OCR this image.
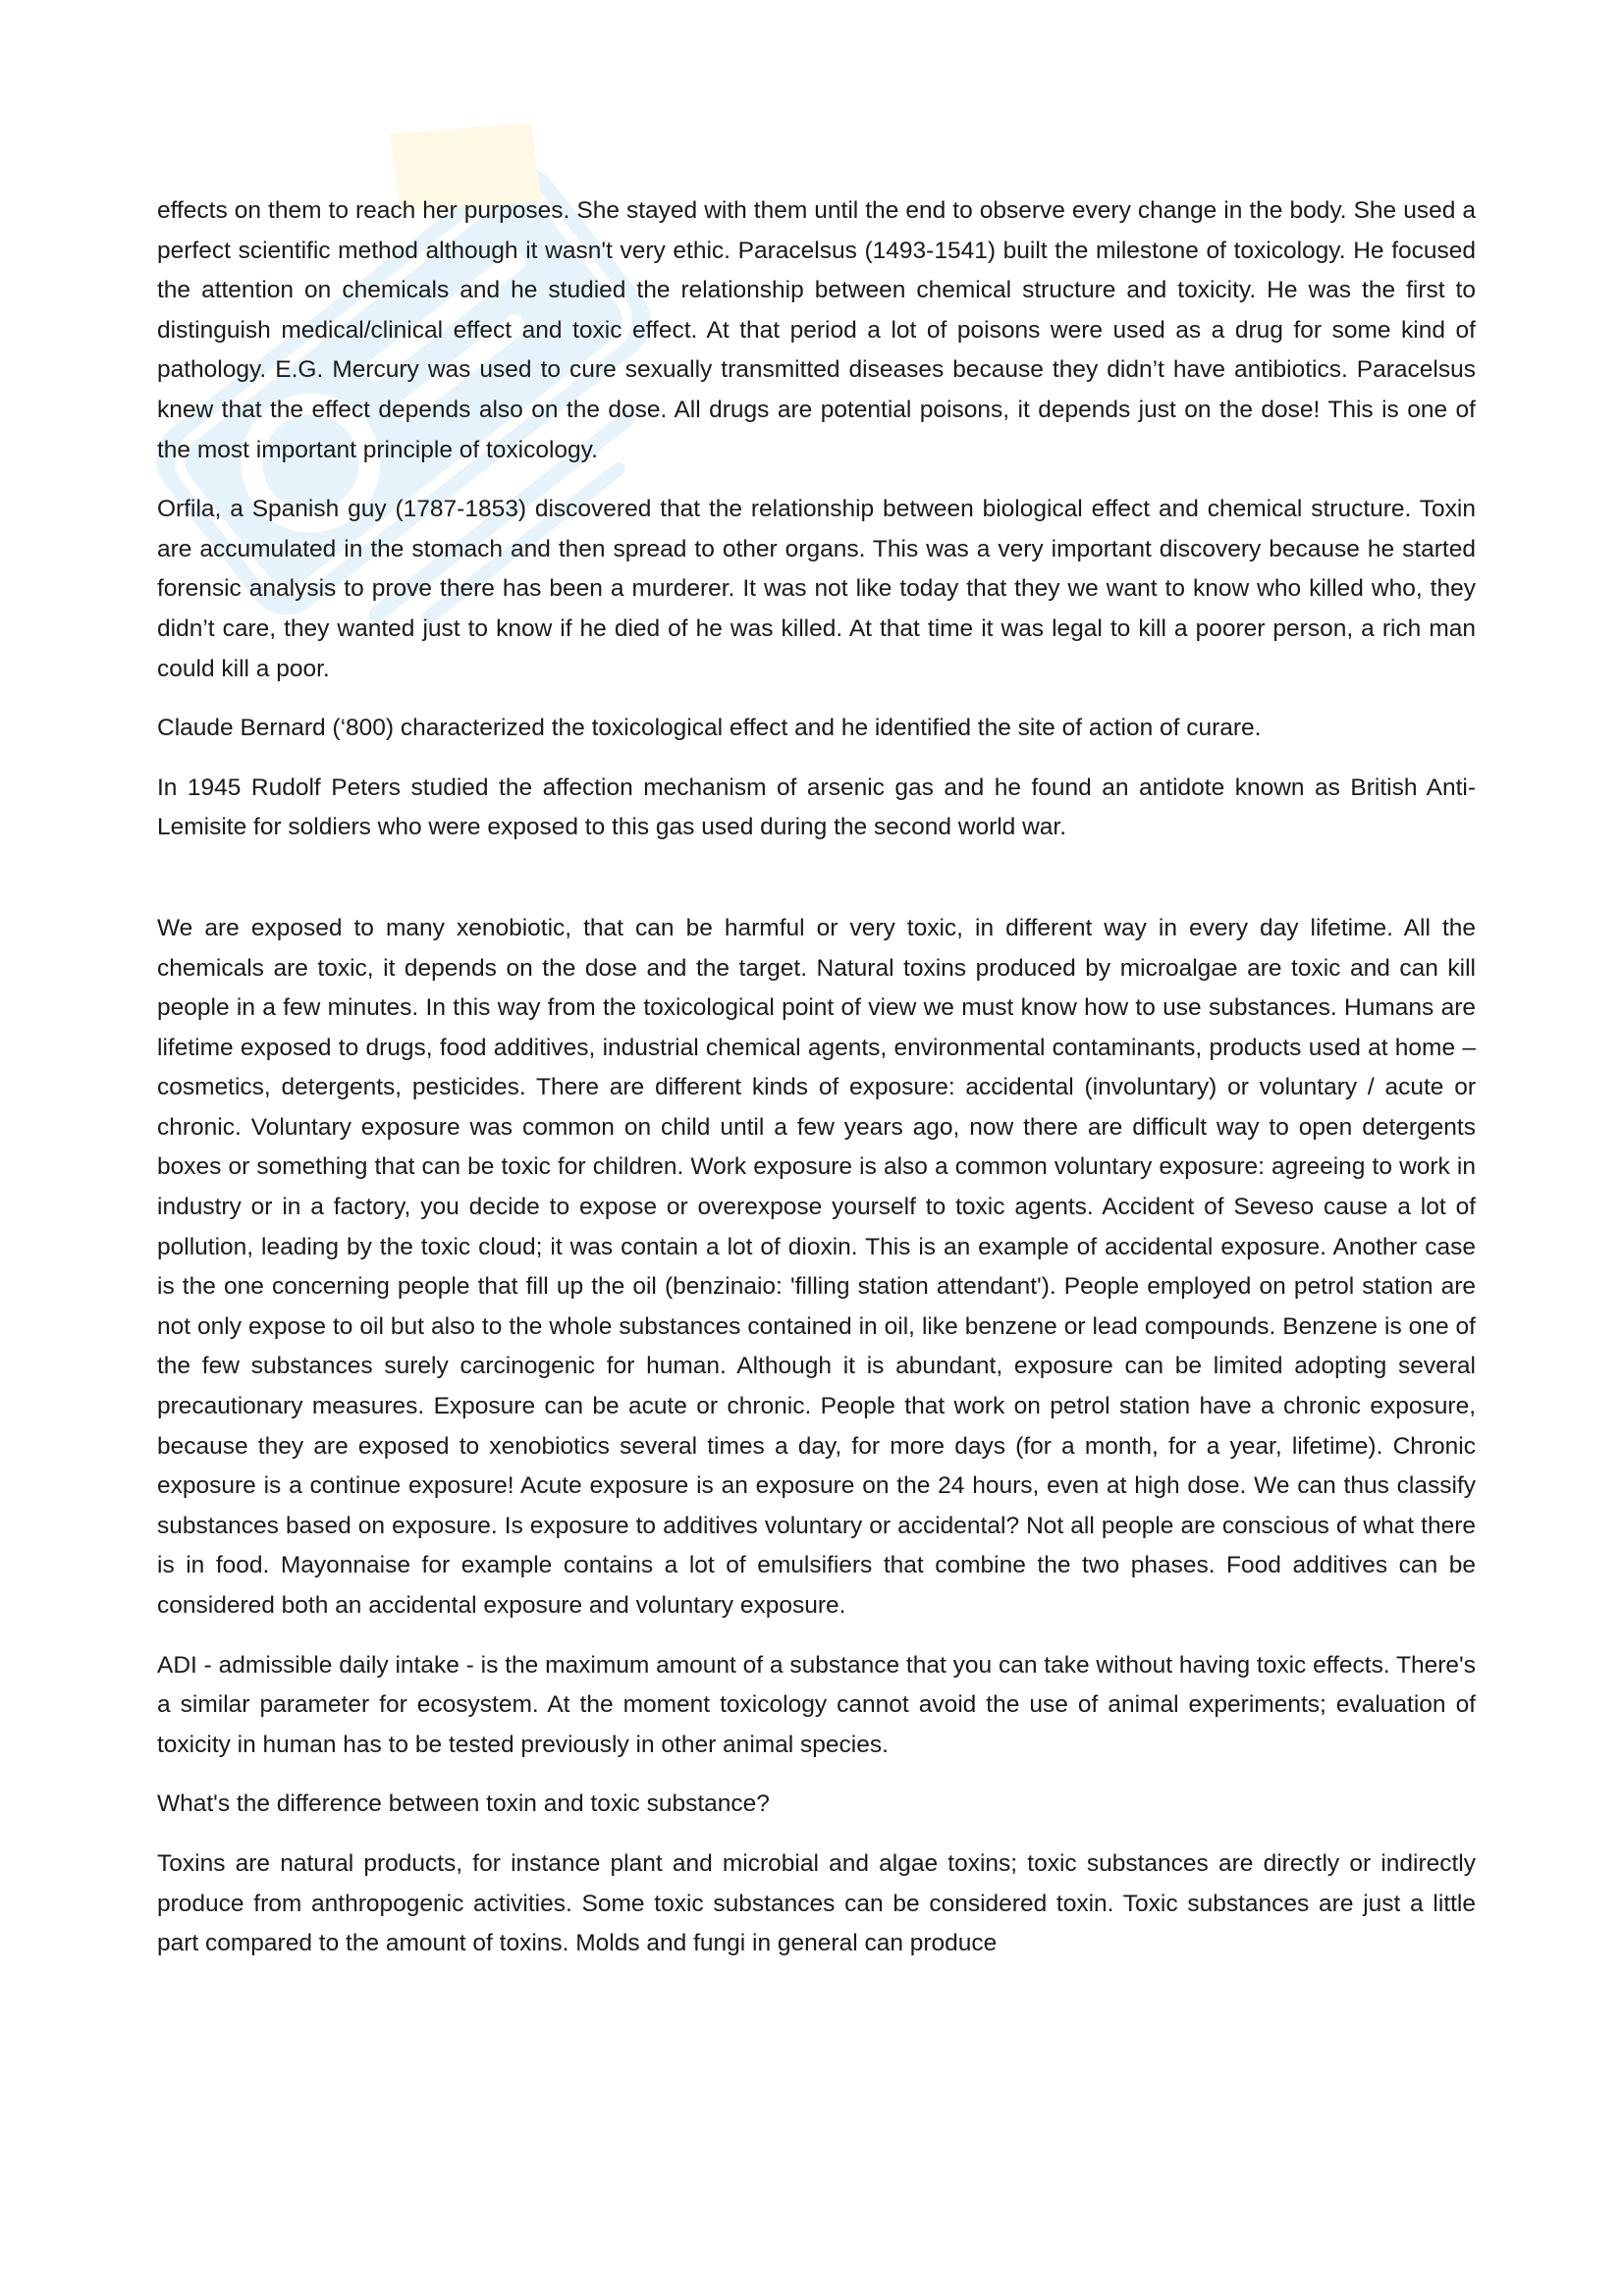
effects on them to reach her purposes. She stayed with them until the end to observe every change in the body. She used a perfect scientific method although it wasn't very ethic. Paracelsus (1493-1541) built the milestone of toxicology. He focused the attention on chemicals and he studied the relationship between chemical structure and toxicity. He was the first to distinguish medical/clinical effect and toxic effect. At that period a lot of poisons were used as a drug for some kind of pathology. E.G. Mercury was used to cure sexually transmitted diseases because they didn’t have antibiotics. Paracelsus knew that the effect depends also on the dose. All drugs are potential poisons, it depends just on the dose! This is one of the most important principle of toxicology.

Orfila, a Spanish guy (1787-1853) discovered that the relationship between biological effect and chemical structure. Toxin are accumulated in the stomach and then spread to other organs. This was a very important discovery because he started forensic analysis to prove there has been a murderer. It was not like today that they we want to know who killed who, they didn’t care, they wanted just to know if he died of he was killed. At that time it was legal to kill a poorer person, a rich man could kill a poor.

Claude Bernard (‘800) characterized the toxicological effect and he identified the site of action of curare.

In 1945 Rudolf Peters studied the affection mechanism of arsenic gas and he found an antidote known as British Anti-Lemisite for soldiers who were exposed to this gas used during the second world war.

We are exposed to many xenobiotic, that can be harmful or very toxic, in different way in every day lifetime. All the chemicals are toxic, it depends on the dose and the target. Natural toxins produced by microalgae are toxic and can kill people in a few minutes. In this way from the toxicological point of view we must know how to use substances. Humans are lifetime exposed to drugs, food additives, industrial chemical agents, environmental contaminants, products used at home – cosmetics, detergents, pesticides. There are different kinds of exposure: accidental (involuntary) or voluntary / acute or chronic. Voluntary exposure was common on child until a few years ago, now there are difficult way to open detergents boxes or something that can be toxic for children. Work exposure is also a common voluntary exposure: agreeing to work in industry or in a factory, you decide to expose or overexpose yourself to toxic agents. Accident of Seveso cause a lot of pollution, leading by the toxic cloud; it was contain a lot of dioxin. This is an example of accidental exposure. Another case is the one concerning people that fill up the oil (benzinaio: 'filling station attendant'). People employed on petrol station are not only expose to oil but also to the whole substances contained in oil, like benzene or lead compounds. Benzene is one of the few substances surely carcinogenic for human. Although it is abundant, exposure can be limited adopting several precautionary measures. Exposure can be acute or chronic. People that work on petrol station have a chronic exposure, because they are exposed to xenobiotics several times a day, for more days (for a month, for a year, lifetime). Chronic exposure is a continue exposure! Acute exposure is an exposure on the 24 hours, even at high dose. We can thus classify substances based on exposure. Is exposure to additives voluntary or accidental? Not all people are conscious of what there is in food. Mayonnaise for example contains a lot of emulsifiers that combine the two phases. Food additives can be considered both an accidental exposure and voluntary exposure.

ADI - admissible daily intake - is the maximum amount of a substance that you can take without having toxic effects. There's a similar parameter for ecosystem. At the moment toxicology cannot avoid the use of animal experiments; evaluation of toxicity in human has to be tested previously in other animal species.

What's the difference between toxin and toxic substance?

Toxins are natural products, for instance plant and microbial and algae toxins; toxic substances are directly or indirectly produce from anthropogenic activities. Some toxic substances can be considered toxin. Toxic substances are just a little part compared to the amount of toxins. Molds and fungi in general can produce
